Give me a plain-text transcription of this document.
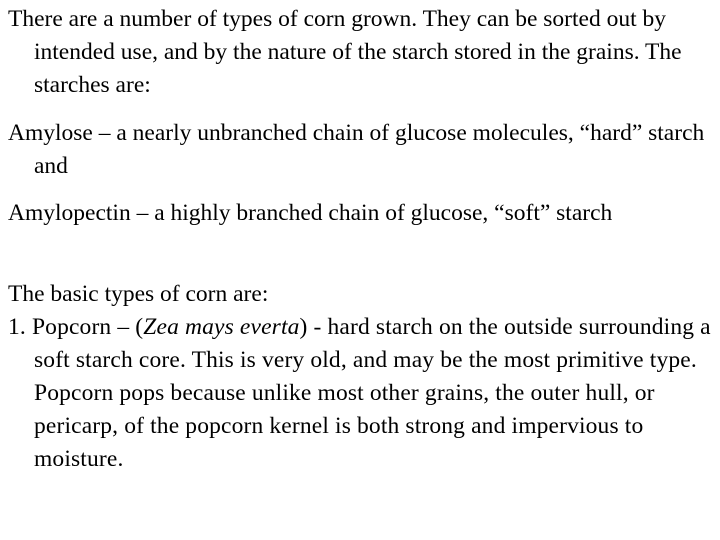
There are a number of types of corn grown. They can be sorted out by intended use, and by the nature of the starch stored in the grains. The starches are:

Amylose – a nearly unbranched chain of glucose molecules, “hard” starch and

Amylopectin – a highly branched chain of glucose, “soft” starch

The basic types of corn are:

1. Popcorn – (Zea mays everta) - hard starch on the outside surrounding a soft starch core. This is very old, and may be the most primitive type. Popcorn pops because unlike most other grains, the outer hull, or pericarp, of the popcorn kernel is both strong and impervious to moisture.
